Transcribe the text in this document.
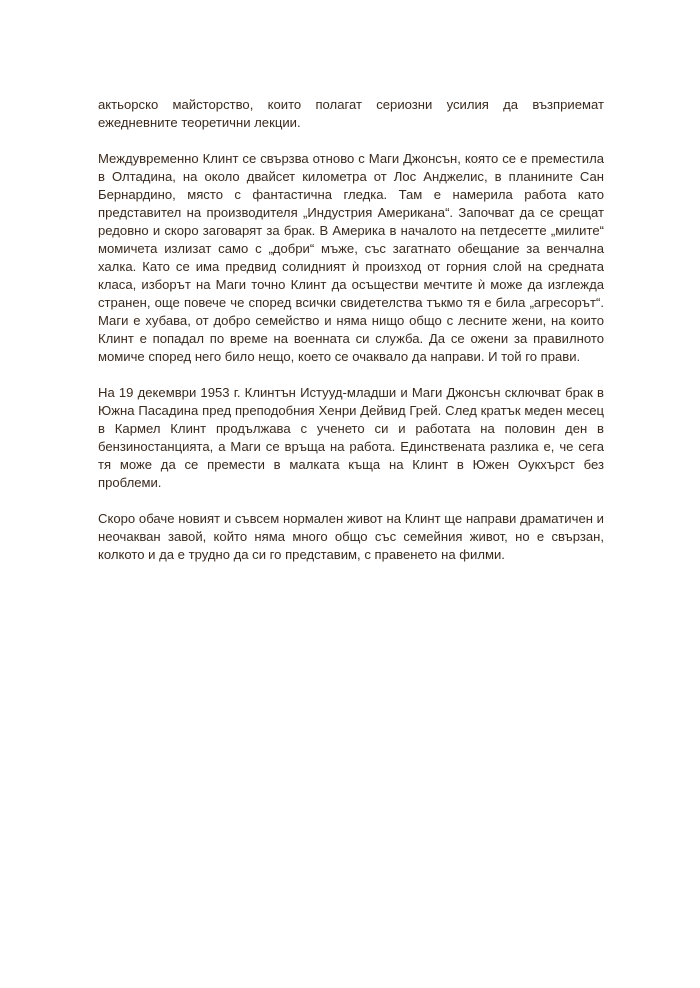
актьорско майсторство, които полагат сериозни усилия да възприемат ежедневните теоретични лекции.

Междувременно Клинт се свързва отново с Маги Джонсън, която се е преместила в Олтадина, на около двайсет километра от Лос Анджелис, в планините Сан Бернардино, място с фантастична гледка. Там е намерила работа като представител на производителя „Индустрия Американа“. Започват да се срещат редовно и скоро заговарят за брак. В Америка в началото на петдесетте „милите“ момичета излизат само с „добри“ мъже, със загатнато обещание за венчална халка. Като се има предвид солидният ѝ произход от горния слой на средната класа, изборът на Маги точно Клинт да осъществи мечтите ѝ може да изглежда странен, още повече че според всички свидетелства тъкмо тя е била „агресорът“. Маги е хубава, от добро семейство и няма нищо общо с лесните жени, на които Клинт е попадал по време на военната си служба. Да се ожени за правилното момиче според него било нещо, което се очаквало да направи. И той го прави.

На 19 декември 1953 г. Клинтън Истууд-младши и Маги Джонсън сключват брак в Южна Пасадина пред преподобния Хенри Дейвид Грей. След кратък меден месец в Кармел Клинт продължава с ученето си и работата на половин ден в бензиностанцията, а Маги се връща на работа. Единствената разлика е, че сега тя може да се премести в малката къща на Клинт в Южен Оукхърст без проблеми.

Скоро обаче новият и съвсем нормален живот на Клинт ще направи драматичен и неочакван завой, който няма много общо със семейния живот, но е свързан, колкото и да е трудно да си го представим, с правенето на филми.
